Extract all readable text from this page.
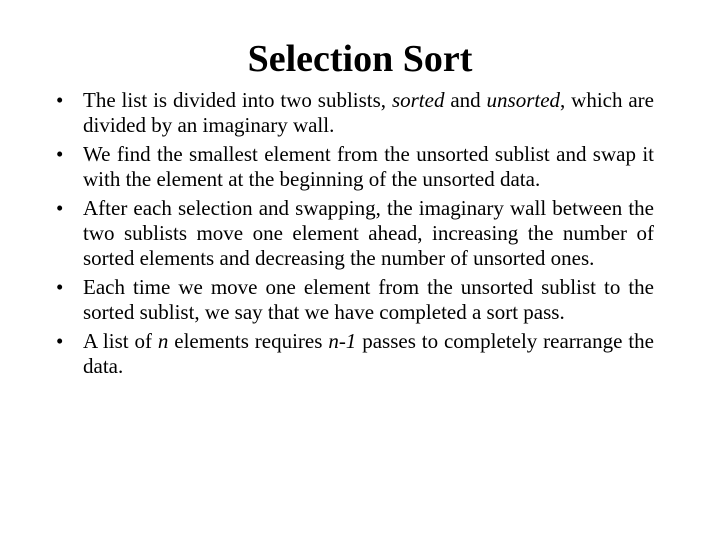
Selection Sort
• The list is divided into two sublists, sorted and unsorted, which are divided by an imaginary wall.
• We find the smallest element from the unsorted sublist and swap it with the element at the beginning of the unsorted data.
• After each selection and swapping, the imaginary wall between the two sublists move one element ahead, increasing the number of sorted elements and decreasing the number of unsorted ones.
• Each time we move one element from the unsorted sublist to the sorted sublist, we say that we have completed a sort pass.
• A list of n elements requires n-1 passes to completely rearrange the data.
